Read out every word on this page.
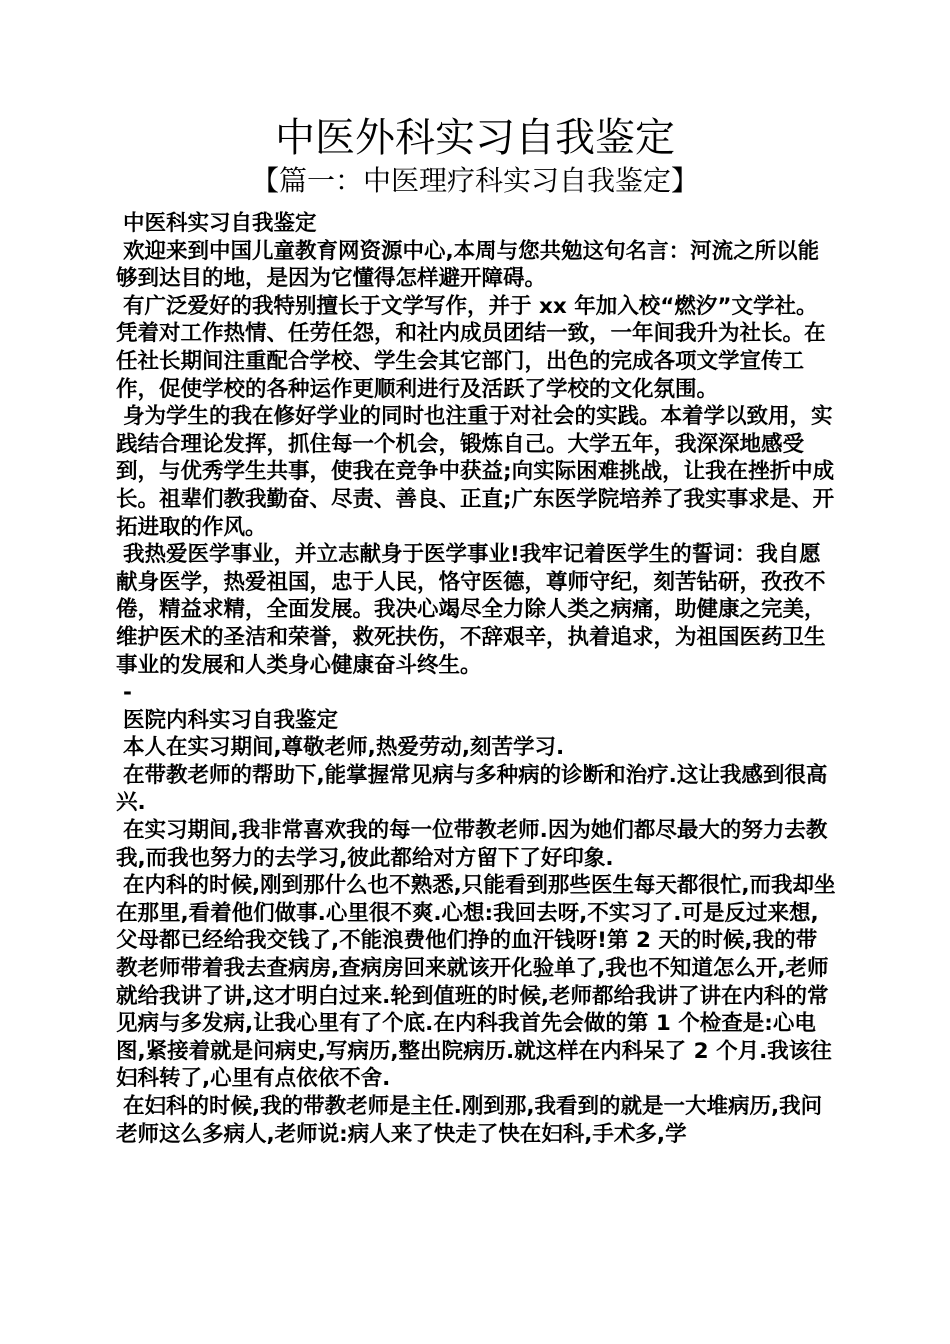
中医外科实习自我鉴定
【篇一：中医理疗科实习自我鉴定】

中医科实习自我鉴定

欢迎来到中国儿童教育网资源中心,本周与您共勉这句名言：河流之所以能够到达目的地，是因为它懂得怎样避开障碍。

有广泛爱好的我特别擅长于文学写作，并于 xx 年加入校“燃汐”文学社。凭着对工作热情、任劳任怨，和社内成员团结一致，一年间我升为社长。在任社长期间注重配合学校、学生会其它部门，出色的完成各项文学宣传工作，促使学校的各种运作更顺利进行及活跃了学校的文化氛围。

身为学生的我在修好学业的同时也注重于对社会的实践。本着学以致用，实践结合理论发挥，抓住每一个机会，锻炼自己。大学五年，我深深地感受到，与优秀学生共事，使我在竞争中获益;向实际困难挑战，让我在挫折中成长。祖辈们教我勤奋、尽责、善良、正直;广东医学院培养了我实事求是、开拓进取的作风。

我热爱医学事业，并立志献身于医学事业!我牢记着医学生的誓词：我自愿献身医学，热爱祖国，忠于人民，恪守医德，尊师守纪，刻苦钻研，孜孜不倦，精益求精，全面发展。我决心竭尽全力除人类之病痛，助健康之完美，维护医术的圣洁和荣誉，救死扶伤，不辞艰辛，执着追求，为祖国医药卫生事业的发展和人类身心健康奋斗终生。

-

医院内科实习自我鉴定

本人在实习期间,尊敬老师,热爱劳动,刻苦学习.

在带教老师的帮助下,能掌握常见病与多种病的诊断和治疗.这让我感到很高兴.

在实习期间,我非常喜欢我的每一位带教老师.因为她们都尽最大的努力去教我,而我也努力的去学习,彼此都给对方留下了好印象.

在内科的时候,刚到那什么也不熟悉,只能看到那些医生每天都很忙,而我却坐在那里,看着他们做事.心里很不爽.心想:我回去呀,不实习了.可是反过来想,父母都已经给我交钱了,不能浪费他们挣的血汗钱呀!第 2 天的时候,我的带教老师带着我去查病房,查病房回来就该开化验单了,我也不知道怎么开,老师就给我讲了讲,这才明白过来.轮到值班的时候,老师都给我讲了讲在内科的常见病与多发病,让我心里有了个底.在内科我首先会做的第 1 个检查是:心电图,紧接着就是问病史,写病历,整出院病历.就这样在内科呆了 2 个月.我该往妇科转了,心里有点依依不舍.

在妇科的时候,我的带教老师是主任.刚到那,我看到的就是一大堆病历,我问老师这么多病人,老师说:病人来了快走了快在妇科,手术多,学
